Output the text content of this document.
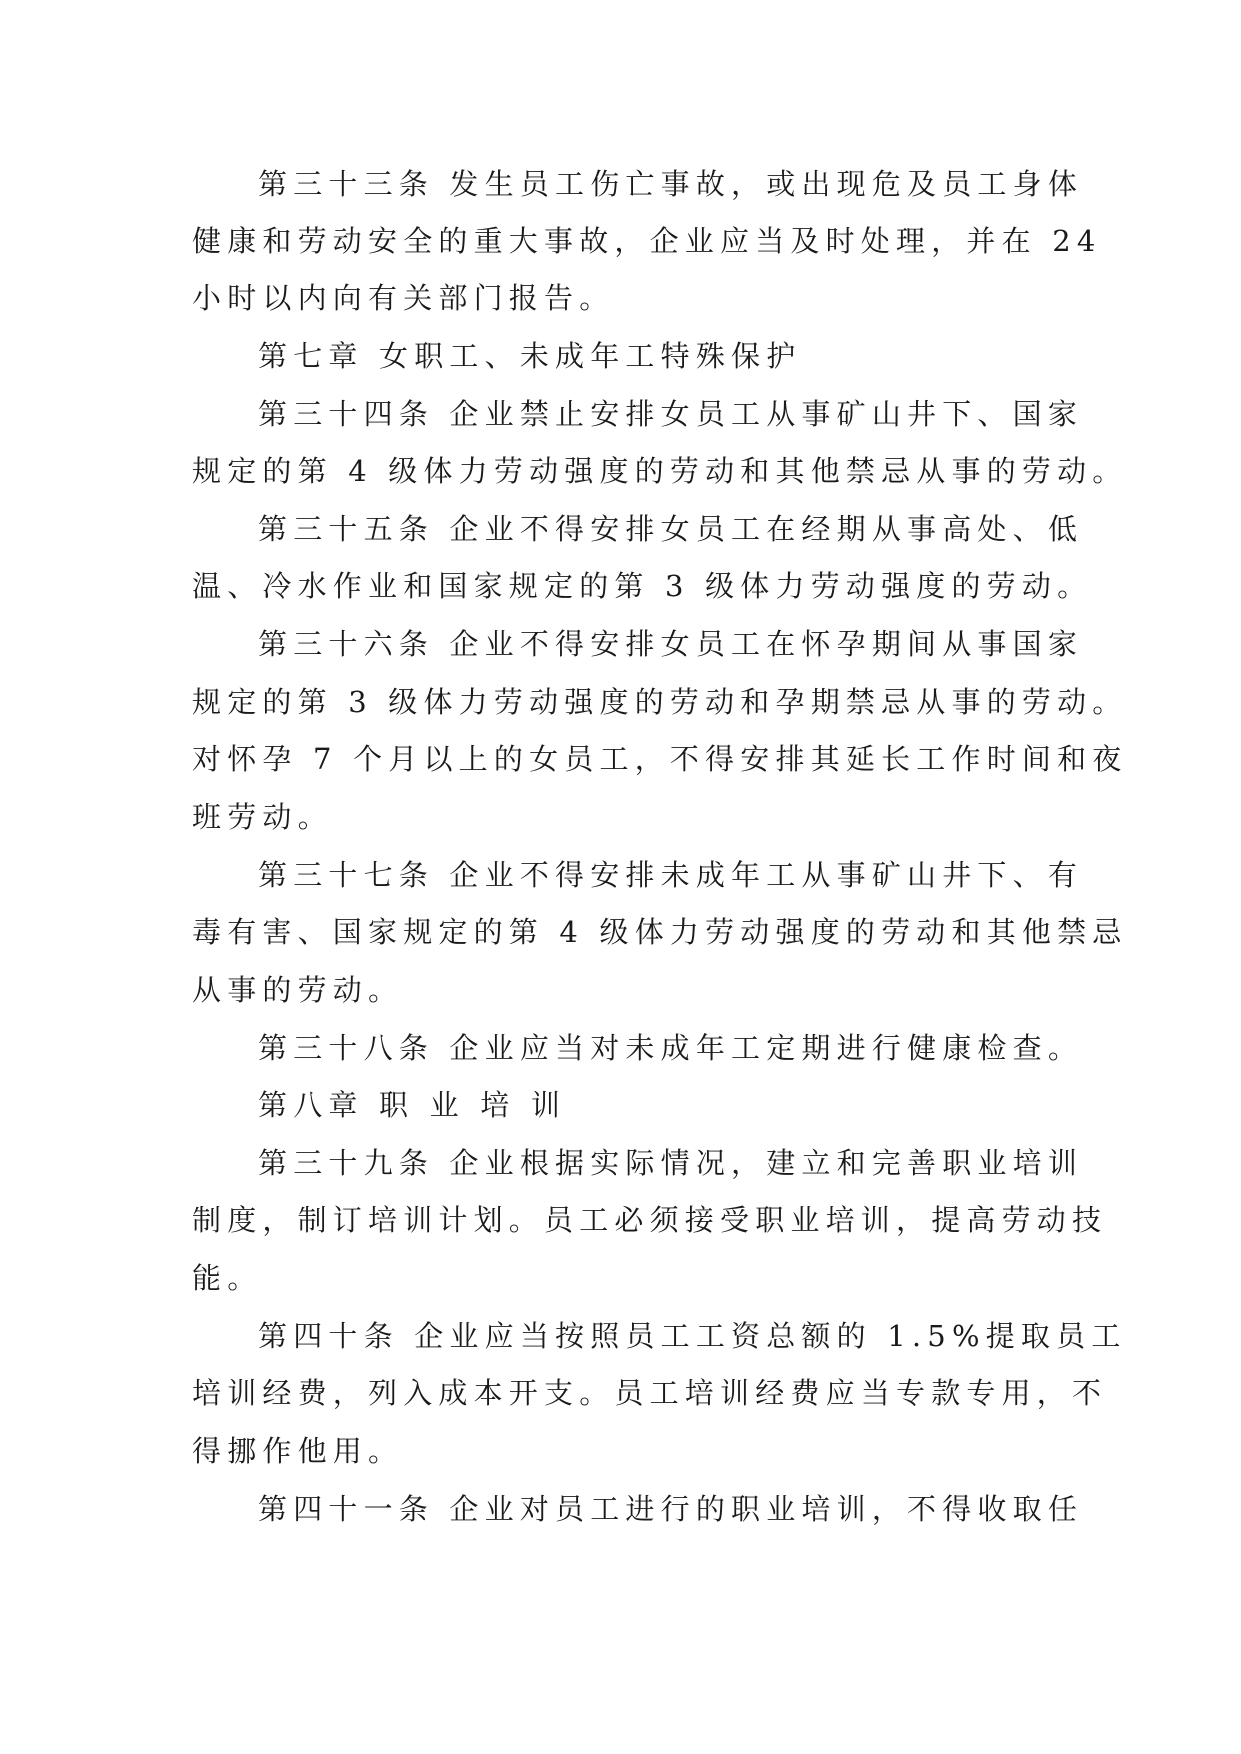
第三十三条 发生员工伤亡事故，或出现危及员工身体
健康和劳动安全的重大事故，企业应当及时处理，并在 24
小时以内向有关部门报告。
第七章 女职工、未成年工特殊保护
第三十四条 企业禁止安排女员工从事矿山井下、国家
规定的第 4 级体力劳动强度的劳动和其他禁忌从事的劳动。
第三十五条 企业不得安排女员工在经期从事高处、低
温、冷水作业和国家规定的第 3 级体力劳动强度的劳动。
第三十六条 企业不得安排女员工在怀孕期间从事国家
规定的第 3 级体力劳动强度的劳动和孕期禁忌从事的劳动。
对怀孕 7 个月以上的女员工，不得安排其延长工作时间和夜
班劳动。
第三十七条 企业不得安排未成年工从事矿山井下、有
毒有害、国家规定的第 4 级体力劳动强度的劳动和其他禁忌
从事的劳动。
第三十八条 企业应当对未成年工定期进行健康检查。
第八章 职 业 培 训
第三十九条 企业根据实际情况，建立和完善职业培训
制度，制订培训计划。员工必须接受职业培训，提高劳动技
能。
第四十条 企业应当按照员工工资总额的 1.5%提取员工
培训经费，列入成本开支。员工培训经费应当专款专用，不
得挪作他用。
第四十一条 企业对员工进行的职业培训，不得收取任
